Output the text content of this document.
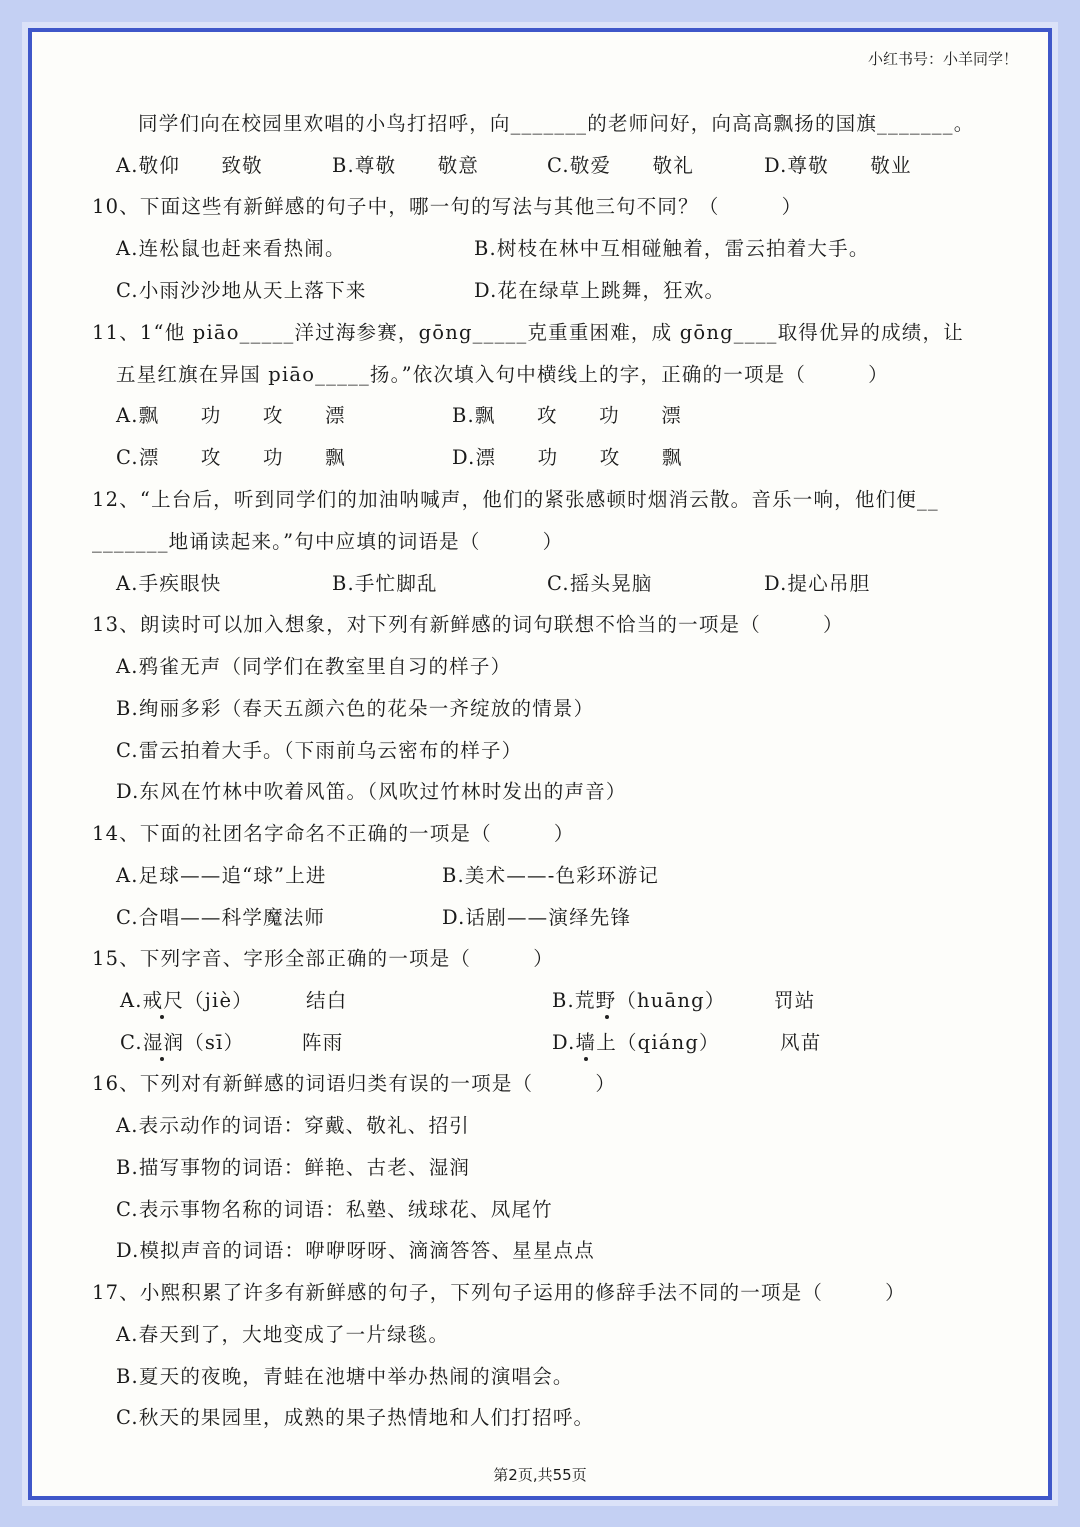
小红书号：小羊同学！
同学们向在校园里欢唱的小鸟打招呼，向_______的老师问好，向高高飘扬的国旗_______。
A.敬仰　　致敬	B.尊敬　　敬意	C.敬爱　　敬礼	D.尊敬　　敬业
10、下面这些有新鲜感的句子中，哪一句的写法与其他三句不同？（　　　）
A.连松鼠也赶来看热闹。	B.树枝在林中互相碰触着，雷云拍着大手。
C.小雨沙沙地从天上落下来	D.花在绿草上跳舞，狂欢。
11、1“他 piāo_____洋过海参赛，gōng_____克重重困难，成 gōng____取得优异的成绩，让
五星红旗在异国 piāo_____扬。”依次填入句中横线上的字，正确的一项是（　　　）
A.飘　　功　　攻　　漂	B.飘　　攻　　功　　漂
C.漂　　攻　　功　　飘	D.漂　　功　　攻　　飘
12、“上台后，听到同学们的加油呐喊声，他们的紧张感顿时烟消云散。音乐一响，他们便__
_______地诵读起来。”句中应填的词语是（　　　）
A.手疾眼快	B.手忙脚乱	C.摇头晃脑	D.提心吊胆
13、朗读时可以加入想象，对下列有新鲜感的词句联想不恰当的一项是（　　　）
A.鸦雀无声（同学们在教室里自习的样子）
B.绚丽多彩（春天五颜六色的花朵一齐绽放的情景）
C.雷云拍着大手。（下雨前乌云密布的样子）
D.东风在竹林中吹着风笛。（风吹过竹林时发出的声音）
14、下面的社团名字命名不正确的一项是（　　　）
A.足球——追“球”上进	B.美术——-色彩环游记
C.合唱——科学魔法师	D.话剧——演绎先锋
15、下列字音、字形全部正确的一项是（　　　）
A.戒尺（jiè）	结白	B.荒野（huāng） 罚站
C.湿润（sī）	阵雨	D.墙上（qiáng）	风苗
16、下列对有新鲜感的词语归类有误的一项是（　　　）
A.表示动作的词语：穿戴、敬礼、招引
B.描写事物的词语：鲜艳、古老、湿润
C.表示事物名称的词语：私塾、绒球花、凤尾竹
D.模拟声音的词语：咿咿呀呀、滴滴答答、星星点点
17、小熙积累了许多有新鲜感的句子，下列句子运用的修辞手法不同的一项是（　　　）
A.春天到了，大地变成了一片绿毯。
B.夏天的夜晚，青蛙在池塘中举办热闹的演唱会。
C.秋天的果园里，成熟的果子热情地和人们打招呼。
第2页,共55页
